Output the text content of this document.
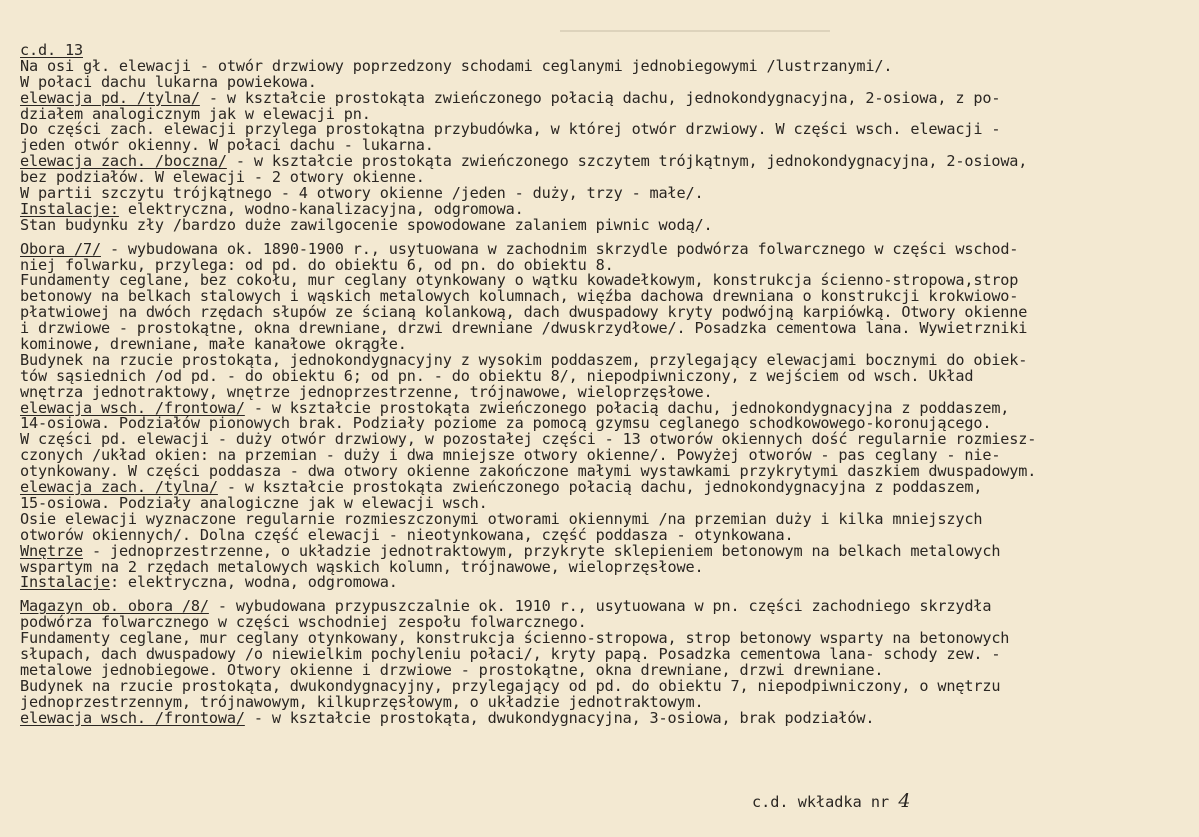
c.d. 13
Na osi gł. elewacji - otwór drzwiowy poprzedzony schodami ceglanymi jednobiegowymi /lustrzanymi/.
W połaci dachu lukarna powiekowa.
elewacja pd. /tylna/ - w kształcie prostokąta zwieńczonego połacią dachu, jednokondygnacyjna, 2-osiowa, z po-
działem analogicznym jak w elewacji pn.
Do części zach. elewacji przylega prostokątna przybudówka, w której otwór drzwiowy. W części wsch. elewacji -
jeden otwór okienny. W połaci dachu - lukarna.
elewacja zach. /boczna/ - w kształcie prostokąta zwieńczonego szczytem trójkątnym, jednokondygnacyjna, 2-osiowa,
bez podziałów. W elewacji - 2 otwory okienne.
W partii szczytu trójkątnego - 4 otwory okienne /jeden - duży, trzy - małe/.
Instalacje: elektryczna, wodno-kanalizacyjna, odgromowa.
Stan budynku zły /bardzo duże zawilgocenie spowodowane zalaniem piwnic wodą/.
Obora /7/ - wybudowana ok. 1890-1900 r., usytuowana w zachodnim skrzydle podwórza folwarcznego w części wschod-
niej folwarku, przylega: od pd. do obiektu 6, od pn. do obiektu 8.
Fundamenty ceglane, bez cokołu, mur ceglany otynkowany o wątku kowadełkowym, konstrukcja ścienno-stropowa,strop
betonowy na belkach stalowych i wąskich metalowych kolumnach, więźba dachowa drewniana o konstrukcji krokwiowo-
płatwiowej na dwóch rzędach słupów ze ścianą kolankową, dach dwuspadowy kryty podwójną karpiówką. Otwory okienne
i drzwiowe - prostokątne, okna drewniane, drzwi drewniane /dwuskrzydłowe/. Posadzka cementowa lana. Wywietrzniki
kominowe, drewniane, małe kanałowe okrągłe.
Budynek na rzucie prostokąta, jednokondygnacyjny z wysokim poddaszem, przylegający elewacjami bocznymi do obiek-
tów sąsiednich /od pd. - do obiektu 6; od pn. - do obiektu 8/, niepodpiwniczony, z wejściem od wsch. Układ
wnętrza jednotraktowy, wnętrze jednoprzestrzenne, trójnawowe, wieloprzęsłowe.
elewacja wsch. /frontowa/ - w kształcie prostokąta zwieńczonego połacią dachu, jednokondygnacyjna z poddaszem,
14-osiowa. Podziałów pionowych brak. Podziały poziome za pomocą gzymsu ceglanego schodkowowego-koronującego.
W części pd. elewacji - duży otwór drzwiowy, w pozostałej części - 13 otworów okiennych dość regularnie rozmiesz-
czonych /układ okien: na przemian - duży i dwa mniejsze otwory okienne/. Powyżej otworów - pas ceglany - nie-
otynkowany. W części poddasza - dwa otwory okienne zakończone małymi wystawkami przykrytymi daszkiem dwuspadowym.
elewacja zach. /tylna/ - w kształcie prostokąta zwieńczonego połacią dachu, jednokondygnacyjna z poddaszem,
15-osiowa. Podziały analogiczne jak w elewacji wsch.
Osie elewacji wyznaczone regularnie rozmieszczonymi otworami okiennymi /na przemian duży i kilka mniejszych
otworów okiennych/. Dolna część elewacji - nieotynkowana, część poddasza - otynkowana.
Wnętrze - jednoprzestrzenne, o układzie jednotraktowym, przykryte sklepieniem betonowym na belkach metalowych
wspartym na 2 rzędach metalowych wąskich kolumn, trójnawowe, wieloprzęsłowe.
Instalacje: elektryczna, wodna, odgromowa.
Magazyn ob. obora /8/ - wybudowana przypuszczalnie ok. 1910 r., usytuowana w pn. części zachodniego skrzydła
podwórza folwarcznego w części wschodniej zespołu folwarcznego.
Fundamenty ceglane, mur ceglany otynkowany, konstrukcja ścienno-stropowa, strop betonowy wsparty na betonowych
słupach, dach dwuspadowy /o niewielkim pochyleniu połaci/, kryty papą. Posadzka cementowa lana- schody zew. -
metalowe jednobiegowe. Otwory okienne i drzwiowe - prostokątne, okna drewniane, drzwi drewniane.
Budynek na rzucie prostokąta, dwukondygnacyjny, przylegający od pd. do obiektu 7, niepodpiwniczony, o wnętrzu
jednoprzestrzennym, trójnawowym, kilkuprzęsłowym, o układzie jednotraktowym.
elewacja wsch. /frontowa/ - w kształcie prostokąta, dwukondygnacyjna, 3-osiowa, brak podziałów.
c.d. wkładka nr 4
